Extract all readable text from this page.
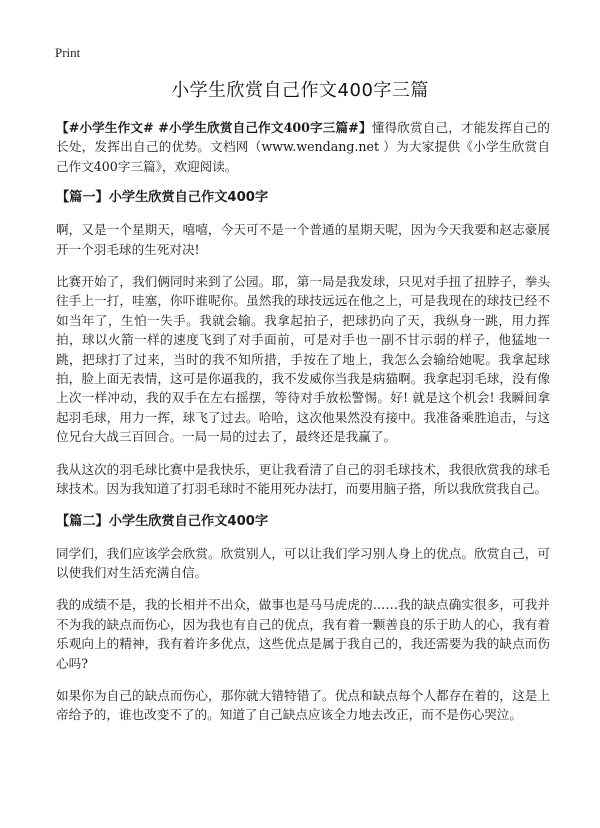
Print
小学生欣赏自己作文400字三篇

【#小学生作文# #小学生欣赏自己作文400字三篇#】懂得欣赏自己，才能发挥自己的长处，发挥出自己的优势。文档网（www.wendang.net ）为大家提供《小学生欣赏自己作文400字三篇》，欢迎阅读。

【篇一】小学生欣赏自己作文400字

啊，又是一个星期天，嘻嘻，今天可不是一个普通的星期天呢，因为今天我要和赵志豪展开一个羽毛球的生死对决!

比赛开始了，我们俩同时来到了公园。耶，第一局是我发球，只见对手扭了扭脖子，拳头往手上一打，哇塞，你吓谁呢你。虽然我的球技远远在他之上，可是我现在的球技已经不如当年了，生怕一失手。我就会输。我拿起拍子，把球扔向了天，我纵身一跳，用力挥拍，球以火箭一样的速度飞到了对手面前，可是对手也一副不甘示弱的样子，他猛地一跳，把球打了过来，当时的我不知所措，手按在了地上，我怎么会输给她呢。我拿起球拍，脸上面无表情，这可是你逼我的，我不发威你当我是病猫啊。我拿起羽毛球，没有像上次一样冲动，我的双手在左右摇摆，等待对手放松警惕。好! 就是这个机会! 我瞬间拿起羽毛球，用力一挥，球飞了过去。哈哈，这次他果然没有接中。我准备乘胜追击，与这位兄台大战三百回合。一局一局的过去了，最终还是我赢了。

我从这次的羽毛球比赛中是我快乐，更让我看清了自己的羽毛球技术，我很欣赏我的球毛球技术。因为我知道了打羽毛球时不能用死办法打，而要用脑子搭，所以我欣赏我自己。

【篇二】小学生欣赏自己作文400字

同学们，我们应该学会欣赏。欣赏别人，可以让我们学习别人身上的优点。欣赏自己，可以使我们对生活充满自信。

我的成绩不是，我的长相并不出众，做事也是马马虎虎的……我的缺点确实很多，可我并不为我的缺点而伤心，因为我也有自己的优点，我有着一颗善良的乐于助人的心，我有着乐观向上的精神，我有着许多优点，这些优点是属于我自己的，我还需要为我的缺点而伤心吗?

如果你为自己的缺点而伤心，那你就大错特错了。优点和缺点每个人都存在着的，这是上帝给予的，谁也改变不了的。知道了自己缺点应该全力地去改正，而不是伤心哭泣。
